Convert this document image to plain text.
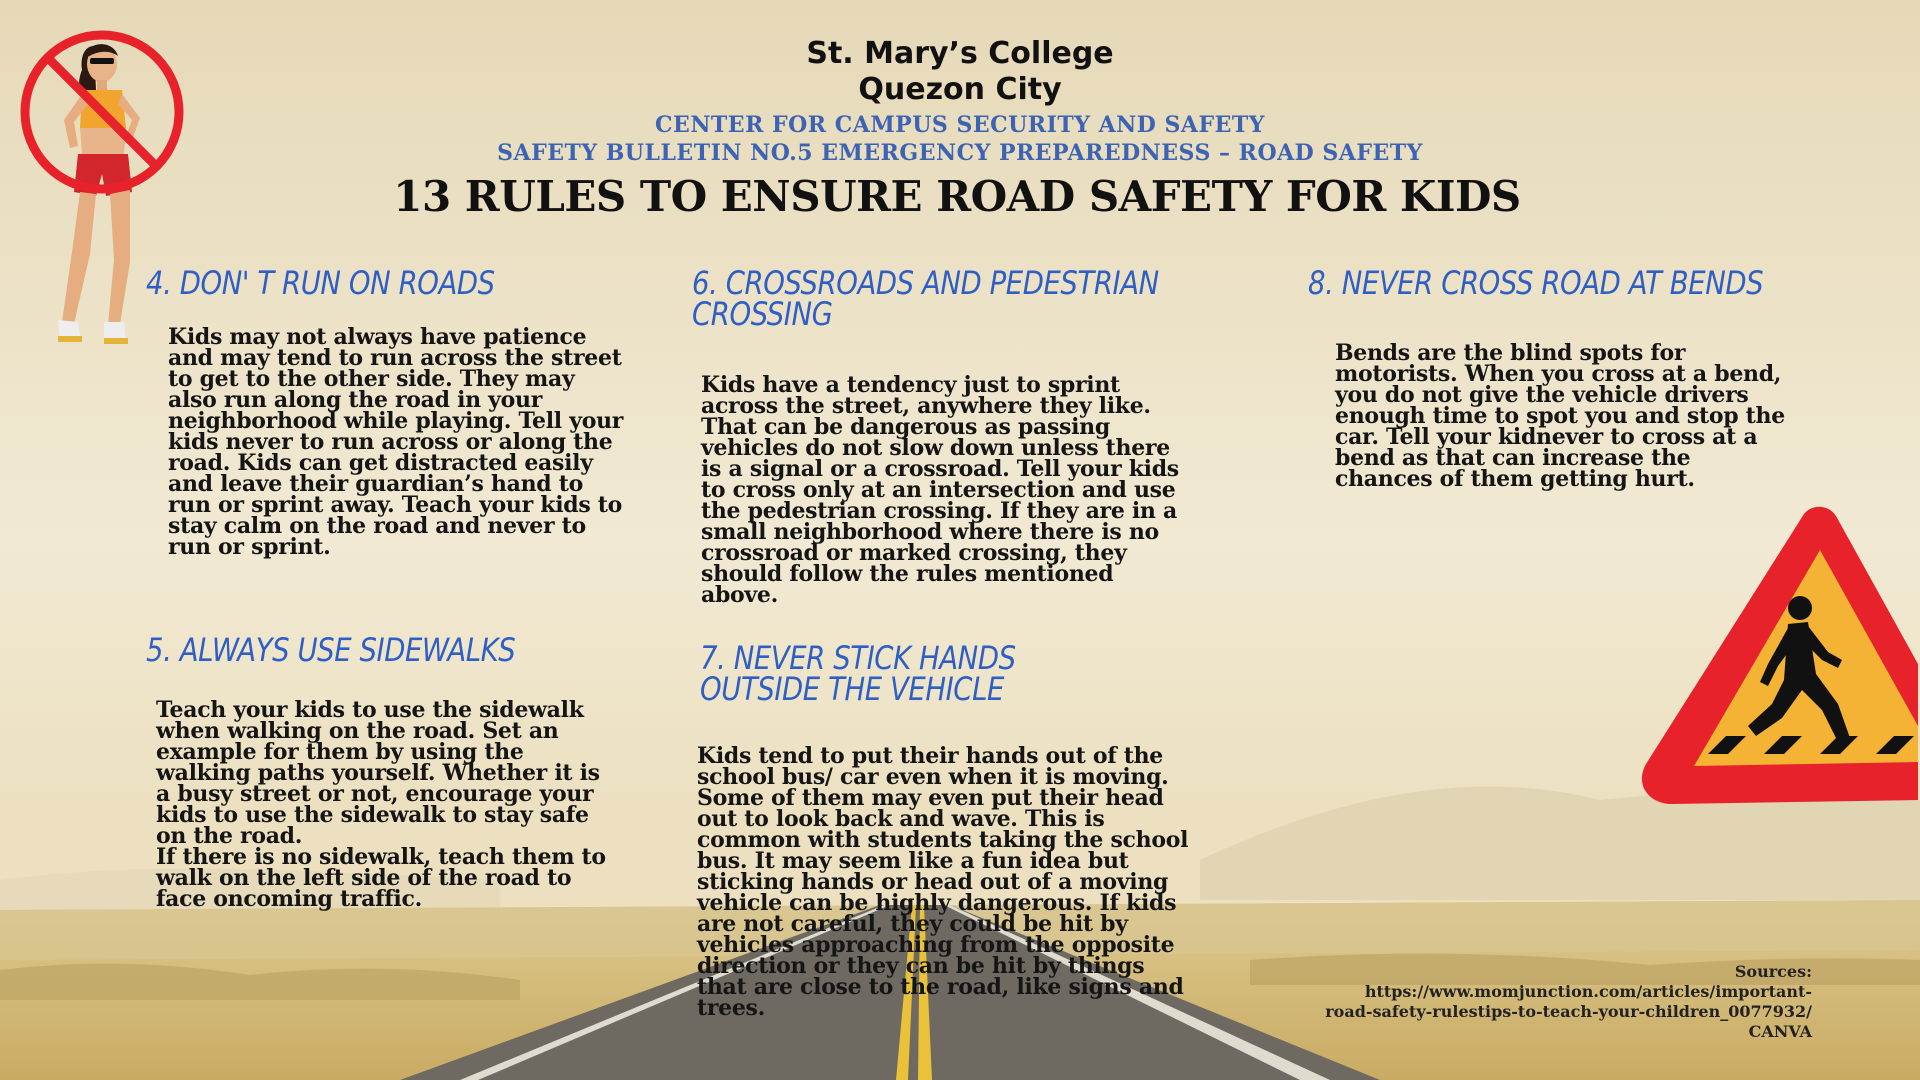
St. Mary’s College
Quezon City
CENTER FOR CAMPUS SECURITY AND SAFETY
SAFETY BULLETIN NO.5 EMERGENCY PREPAREDNESS – ROAD SAFETY
13 RULES TO ENSURE ROAD SAFETY FOR KIDS
4. DON' T RUN ON ROADS
Kids may not always have patience and may tend to run across the street to get to the other side. They may also run along the road in your neighborhood while playing. Tell your kids never to run across or along the road. Kids can get distracted easily and leave their guardian’s hand to run or sprint away. Teach your kids to stay calm on the road and never to run or sprint.
5. ALWAYS USE SIDEWALKS
Teach your kids to use the sidewalk when walking on the road. Set an example for them by using the walking paths yourself. Whether it is a busy street or not, encourage your kids to use the sidewalk to stay safe on the road.
If there is no sidewalk, teach them to walk on the left side of the road to face oncoming traffic.
6. CROSSROADS AND PEDESTRIAN
CROSSING
Kids have a tendency just to sprint across the street, anywhere they like. That can be dangerous as passing vehicles do not slow down unless there is a signal or a crossroad. Tell your kids to cross only at an intersection and use the pedestrian crossing. If they are in a small neighborhood where there is no crossroad or marked crossing, they should follow the rules mentioned above.
7. NEVER STICK HANDS
OUTSIDE THE VEHICLE
Kids tend to put their hands out of the school bus/ car even when it is moving. Some of them may even put their head out to look back and wave. This is common with students taking the school bus. It may seem like a fun idea but sticking hands or head out of a moving vehicle can be highly dangerous. If kids are not careful, they could be hit by vehicles approaching from the opposite direction or they can be hit by things that are close to the road, like signs and trees.
8. NEVER CROSS ROAD AT BENDS
Bends are the blind spots for motorists. When you cross at a bend, you do not give the vehicle drivers enough time to spot you and stop the car. Tell your kidnever to cross at a bend as that can increase the chances of them getting hurt.
Sources:
https://www.momjunction.com/articles/important-
road-safety-rulestips-to-teach-your-children_0077932/
CANVA
